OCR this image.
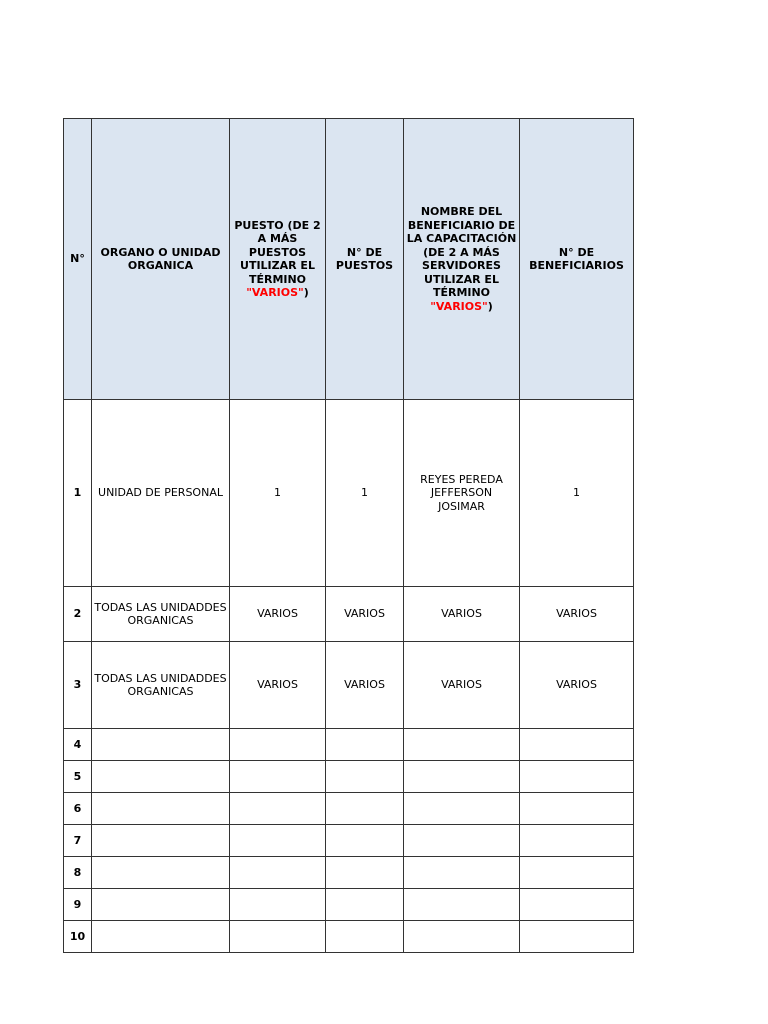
N°	ORGANO O UNIDAD ORGANICA	PUESTO (DE 2 A MÁS PUESTOS UTILIZAR EL TÉRMINO "VARIOS")	N° DE PUESTOS	NOMBRE DEL BENEFICIARIO DE LA CAPACITACIÓN (DE 2 A MÁS SERVIDORES UTILIZAR EL TÉRMINO "VARIOS")	N° DE BENEFICIARIOS
1	UNIDAD DE PERSONAL	1	1	REYES PEREDA JEFFERSON JOSIMAR	1
2	TODAS LAS UNIDADDES ORGANICAS	VARIOS	VARIOS	VARIOS	VARIOS
3	TODAS LAS UNIDADDES ORGANICAS	VARIOS	VARIOS	VARIOS	VARIOS
4					
5					
6					
7					
8					
9					
10					
